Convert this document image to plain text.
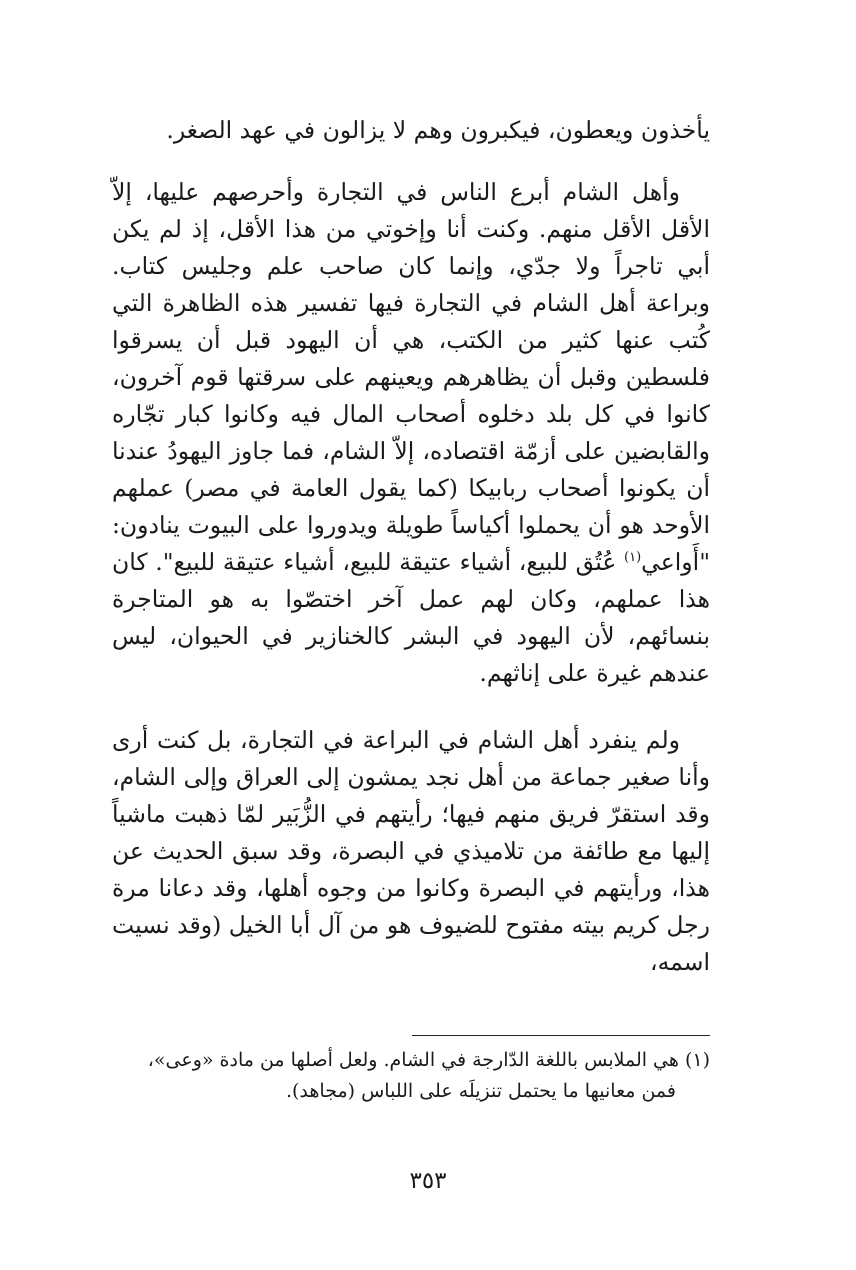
يأخذون ويعطون، فيكبرون وهم لا يزالون في عهد الصغر.

وأهل الشام أبرع الناس في التجارة وأحرصهم عليها، إلاّ الأقل الأقل منهم. وكنت أنا وإخوتي من هذا الأقل، إذ لم يكن أبي تاجراً ولا جدّي، وإنما كان صاحب علم وجليس كتاب. وبراعة أهل الشام في التجارة فيها تفسير هذه الظاهرة التي كُتب عنها كثير من الكتب، هي أن اليهود قبل أن يسرقوا فلسطين وقبل أن يظاهرهم ويعينهم على سرقتها قوم آخرون، كانوا في كل بلد دخلوه أصحاب المال فيه وكانوا كبار تجّاره والقابضين على أزمّة اقتصاده، إلاّ الشام، فما جاوز اليهودُ عندنا أن يكونوا أصحاب ربابيكا (كما يقول العامة في مصر) عملهم الأوحد هو أن يحملوا أكياساً طويلة ويدوروا على البيوت ينادون: "أَواعي$^{(١)}$ عُتُق للبيع، أشياء عتيقة للبيع، أشياء عتيقة للبيع". كان هذا عملهم، وكان لهم عمل آخر اختصّوا به هو المتاجرة بنسائهم، لأن اليهود في البشر كالخنازير في الحيوان، ليس عندهم غيرة على إناثهم.

ولم ينفرد أهل الشام في البراعة في التجارة، بل كنت أرى وأنا صغير جماعة من أهل نجد يمشون إلى العراق وإلى الشام، وقد استقرّ فريق منهم فيها؛ رأيتهم في الزُّبَير لمّا ذهبت ماشياً إليها مع طائفة من تلاميذي في البصرة، وقد سبق الحديث عن هذا، ورأيتهم في البصرة وكانوا من وجوه أهلها، وقد دعانا مرة رجل كريم بيته مفتوح للضيوف هو من آل أبا الخيل (وقد نسيت اسمه،

(١) هي الملابس باللغة الدّارجة في الشام. ولعل أصلها من مادة «وعى»،

فمن معانيها ما يحتمل تنزيلَه على اللباس (مجاهد).

٣٥٣
